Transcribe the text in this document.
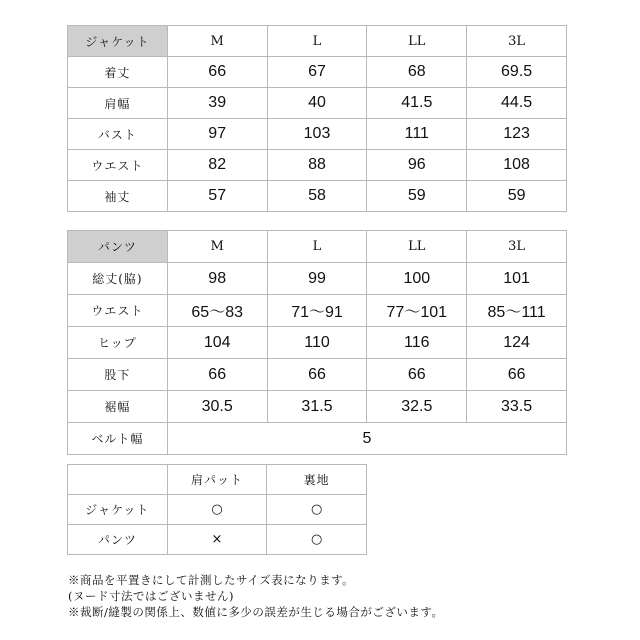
ジャケット	M	L	LL	3L
着丈	66	67	68	69.5
肩幅	39	40	41.5	44.5
バスト	97	103	111	123
ウエスト	82	88	96	108
袖丈	57	58	59	59
パンツ	M	L	LL	3L
総丈(脇)	98	99	100	101
ウエスト	65～83	71～91	77～101	85～111
ヒップ	104	110	116	124
股下	66	66	66	66
裾幅	30.5	31.5	32.5	33.5
ベルト幅	5			
	肩パット	裏地
ジャケット	○	○
パンツ	×	○
※商品を平置きにして計測したサイズ表になります。
(ヌード寸法ではございません)
※裁断/縫製の関係上、数値に多少の誤差が生じる場合がございます。
